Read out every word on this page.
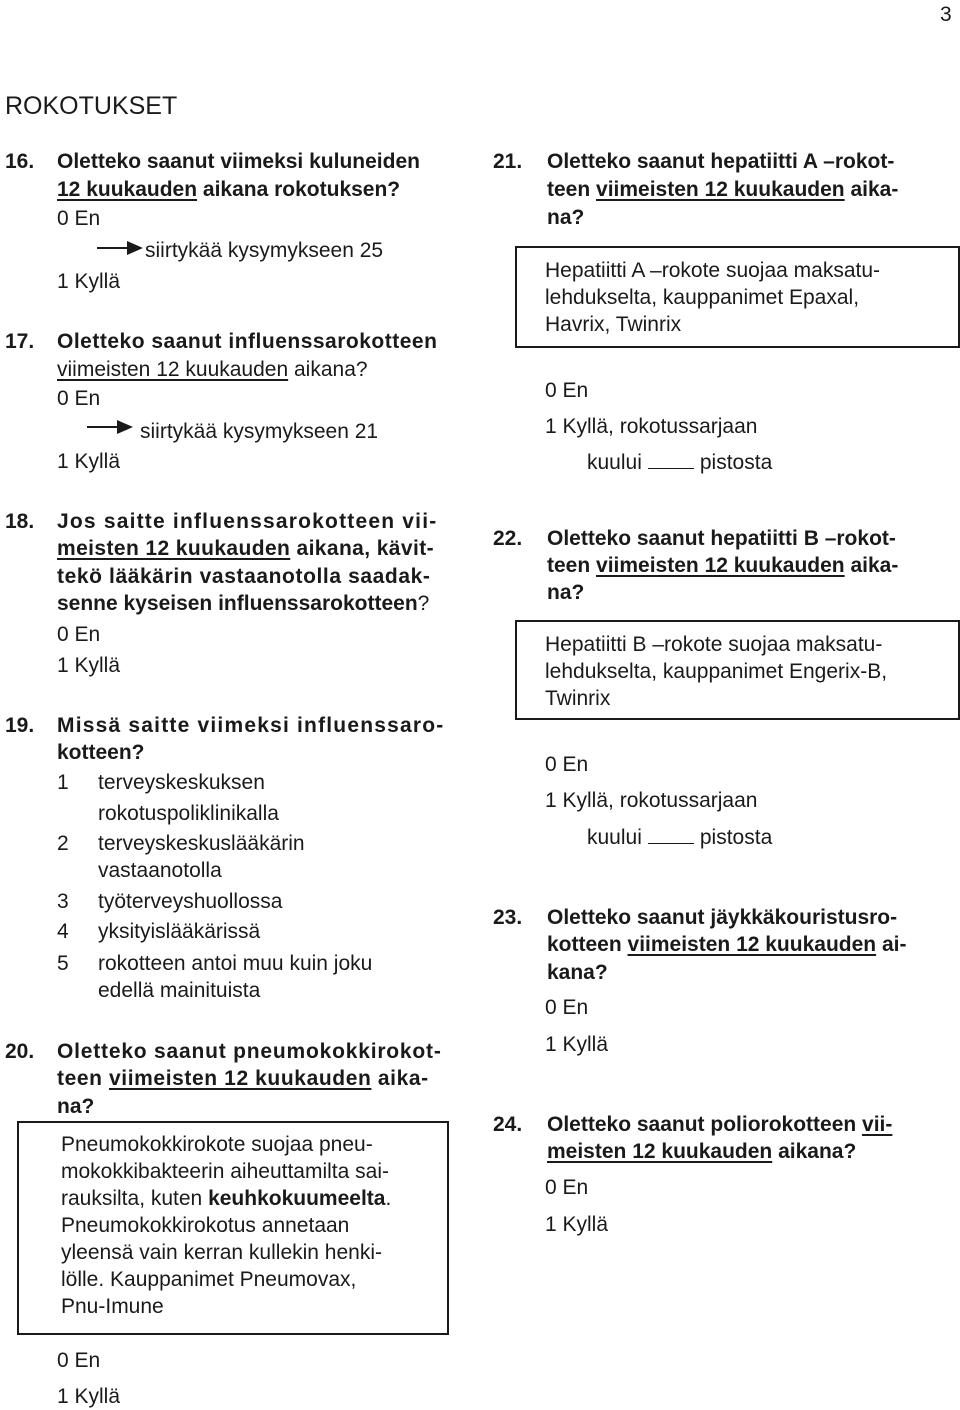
3
ROKOTUKSET
16. Oletteko saanut viimeksi kuluneiden
12 kuukauden aikana rokotuksen?
0 En
siirtykää kysymykseen 25
1 Kyllä
17. Oletteko saanut influenssarokotteen
viimeisten 12 kuukauden aikana?
0 En
siirtykää kysymykseen 21
1 Kyllä
18. Jos saitte influenssarokotteen vii-
meisten 12 kuukauden aikana, kävit-
tekö lääkärin vastaanotolla saadak-
senne kyseisen influenssarokotteen?
0 En
1 Kyllä
19. Missä saitte viimeksi influenssaro-
kotteen?
1 terveyskeskuksen
rokotuspoliklinikalla
2 terveyskeskuslääkärin
vastaanotolla
3 työterveyshuollossa
4 yksityislääkärissä
5 rokotteen antoi muu kuin joku
edellä mainituista
20. Oletteko saanut pneumokokkirokot-
teen viimeisten 12 kuukauden aika-
na?
Pneumokokkirokote suojaa pneu-
mokokkibakteerin aiheuttamilta sai-
rauksilta, kuten keuhkokuumeelta.
Pneumokokkirokotus annetaan
yleensä vain kerran kullekin henki-
lölle. Kauppanimet Pneumovax,
Pnu-Imune
0 En
1 Kyllä
21. Oletteko saanut hepatiitti A –rokot-
teen viimeisten 12 kuukauden aika-
na?
Hepatiitti A –rokote suojaa maksatu-
lehdukselta, kauppanimet Epaxal,
Havrix, Twinrix
0 En
1 Kyllä, rokotussarjaan
kuului	pistosta
22. Oletteko saanut hepatiitti B –rokot-
teen viimeisten 12 kuukauden aika-
na?
Hepatiitti B –rokote suojaa maksatu-
lehdukselta, kauppanimet Engerix-B,
Twinrix
0 En
1 Kyllä, rokotussarjaan
kuului	pistosta
23. Oletteko saanut jäykkäkouristusro-
kotteen viimeisten 12 kuukauden ai-
kana?
0 En
1 Kyllä
24. Oletteko saanut poliorokotteen vii-
meisten 12 kuukauden aikana?
0 En
1 Kyllä
